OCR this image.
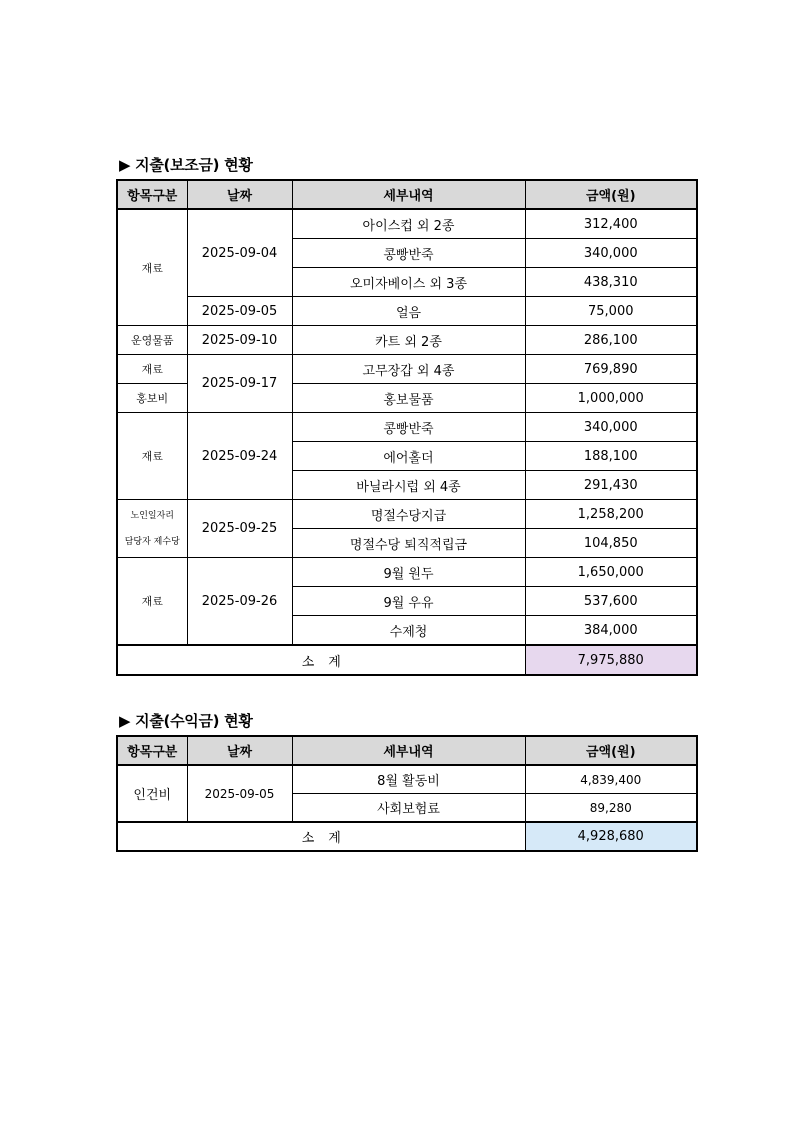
▶ 지출(보조금) 현황
항목구분	날짜	세부내역	금액(원)
재료	2025-09-04	아이스컵 외 2종	312,400
		콩빵반죽	340,000
		오미자베이스 외 3종	438,310
	2025-09-05	얼음	75,000
운영물품	2025-09-10	카트 외 2종	286,100
재료	2025-09-17	고무장갑 외 4종	769,890
홍보비		홍보물품	1,000,000
재료	2025-09-24	콩빵반죽	340,000
		에어홀더	188,100
		바닐라시럽 외 4종	291,430

노인일자리
담당자 제수당	2025-09-25	명절수당지급	1,258,200
		명절수당 퇴직적립금	104,850
재료	2025-09-26	9월 원두	1,650,000
		9월 우유	537,600
		수제청	384,000
소계			7,975,880
▶ 지출(수익금) 현황
항목구분	날짜	세부내역	금액(원)
인건비	2025-09-05	8월 활동비	4,839,400
		사회보험료	89,280
소계			4,928,680
